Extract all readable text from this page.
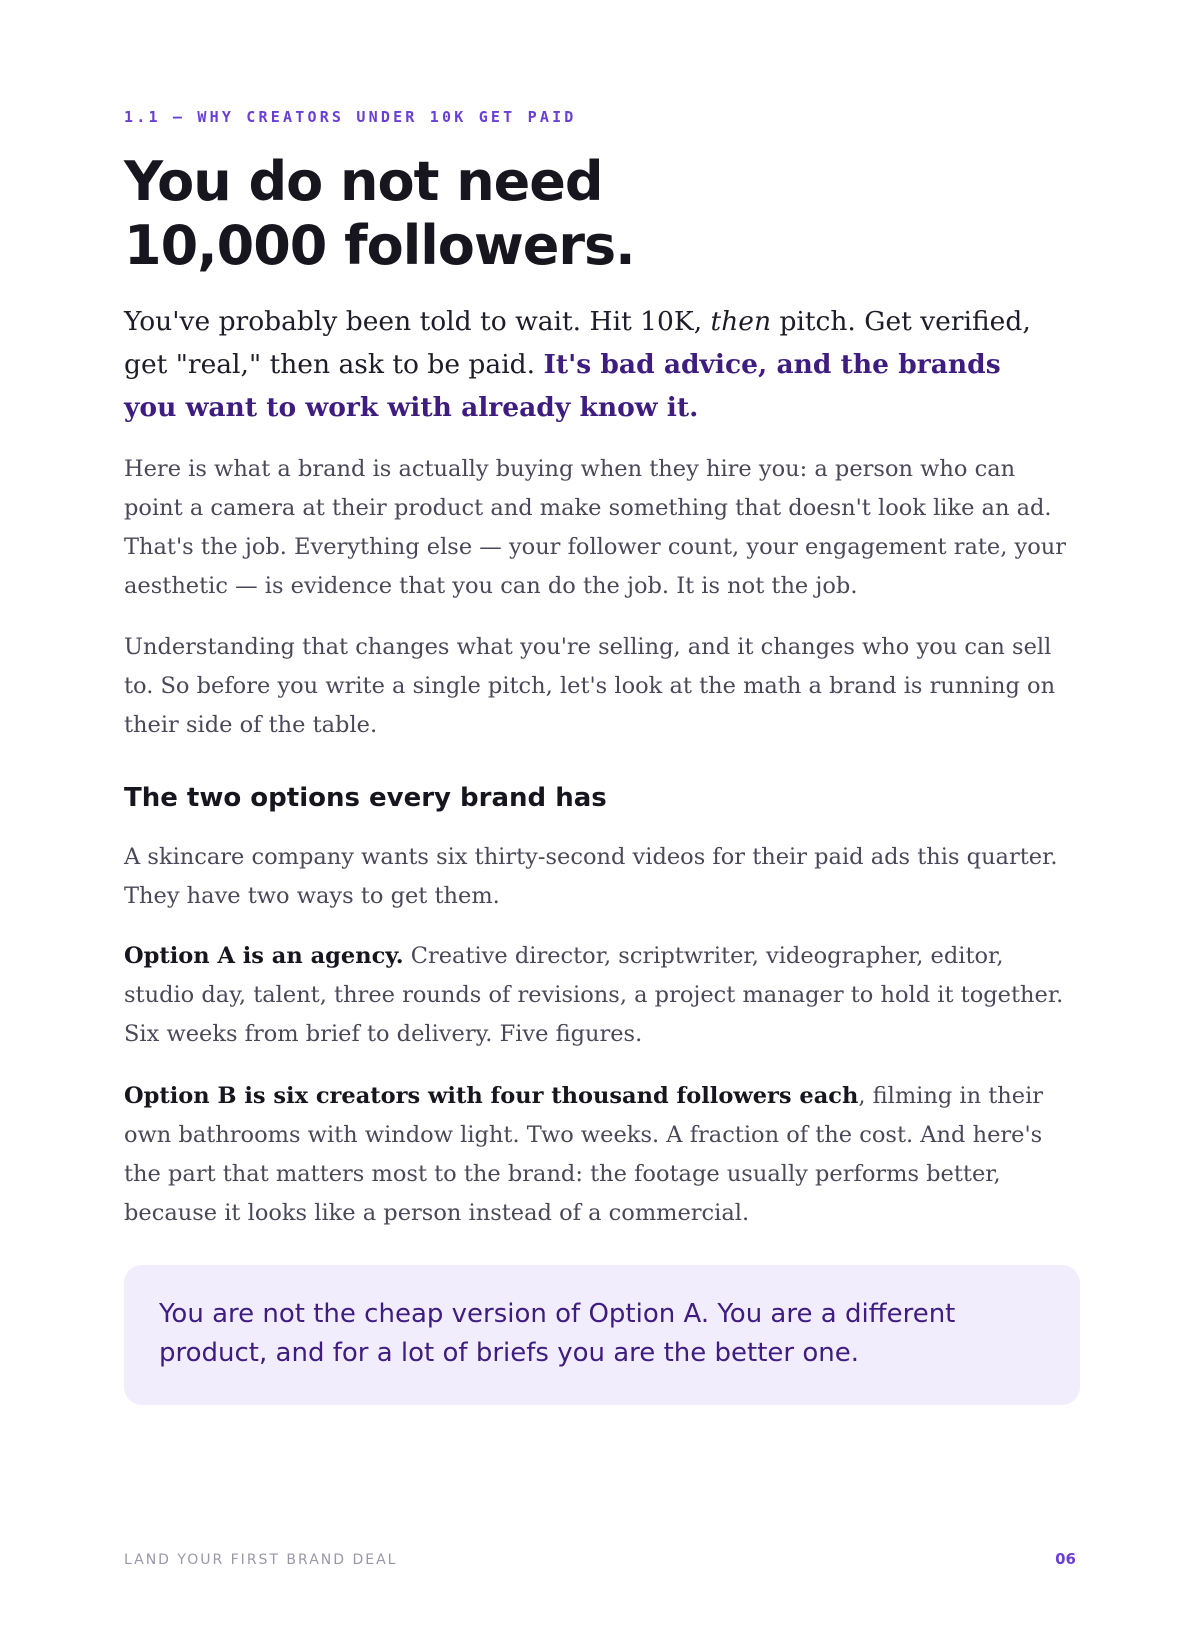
1.1 — WHY CREATORS UNDER 10K GET PAID
You do not need
10,000 followers.

You've probably been told to wait. Hit 10K, then pitch. Get verified, get "real," then ask to be paid. It's bad advice, and the brands you want to work with already know it.

Here is what a brand is actually buying when they hire you: a person who can point a camera at their product and make something that doesn't look like an ad. That's the job. Everything else — your follower count, your engagement rate, your aesthetic — is evidence that you can do the job. It is not the job.

Understanding that changes what you're selling, and it changes who you can sell to. So before you write a single pitch, let's look at the math a brand is running on their side of the table.

The two options every brand has

A skincare company wants six thirty-second videos for their paid ads this quarter. They have two ways to get them.

Option A is an agency. Creative director, scriptwriter, videographer, editor, studio day, talent, three rounds of revisions, a project manager to hold it together. Six weeks from brief to delivery. Five figures.

Option B is six creators with four thousand followers each, filming in their own bathrooms with window light. Two weeks. A fraction of the cost. And here's the part that matters most to the brand: the footage usually performs better, because it looks like a person instead of a commercial.

You are not the cheap version of Option A. You are a different product, and for a lot of briefs you are the better one.

LAND YOUR FIRST BRAND DEAL	06
